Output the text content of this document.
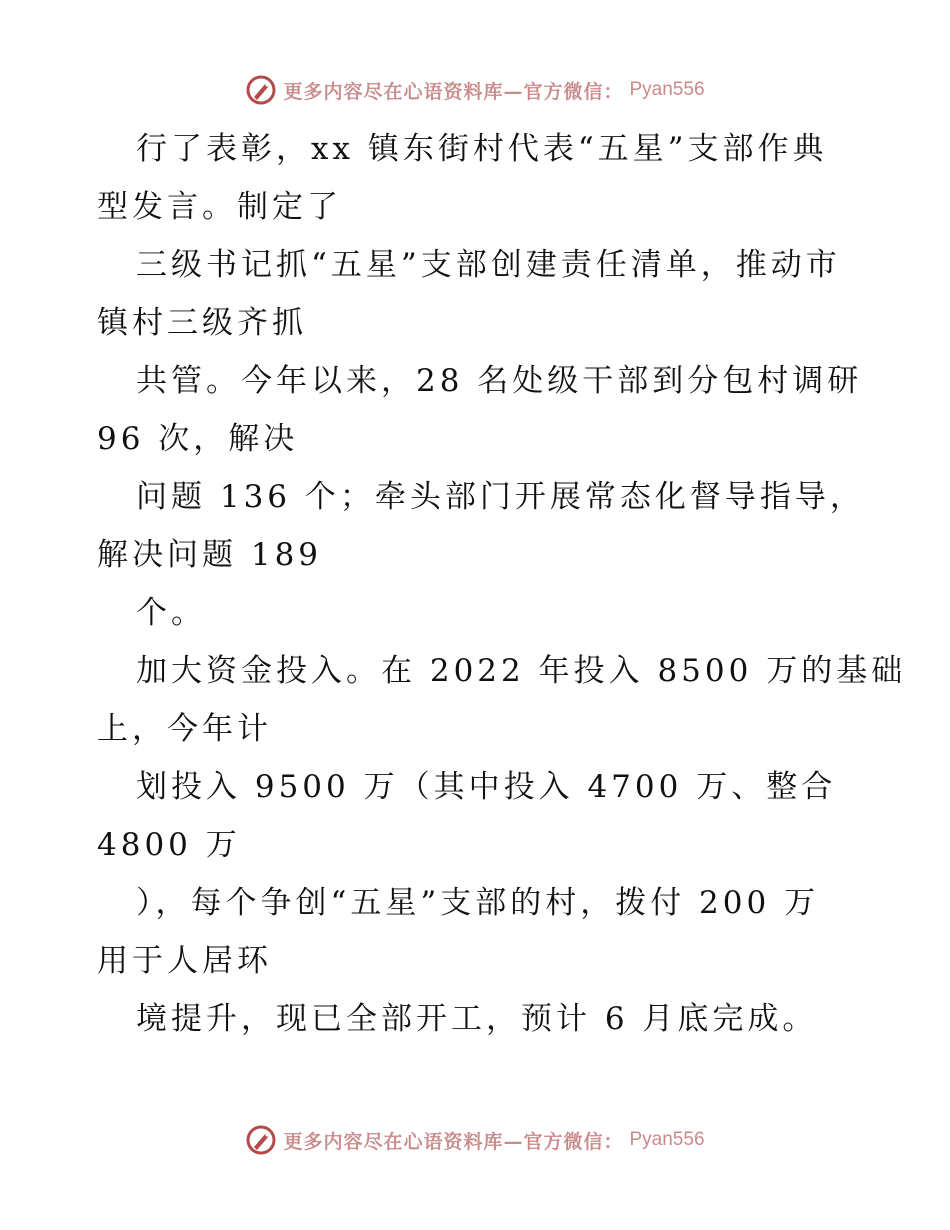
更多内容尽在心语资料库—官方微信： Pyan556
行了表彰，xx 镇东街村代表“五星”支部作典
型发言。制定了
三级书记抓“五星”支部创建责任清单，推动市
镇村三级齐抓
共管。今年以来，28 名处级干部到分包村调研
96 次，解决
问题 136 个；牵头部门开展常态化督导指导，
解决问题 189
个。
加大资金投入。在 2022 年投入 8500 万的基础
上，今年计
划投入 9500 万（其中投入 4700 万、整合
4800 万
），每个争创“五星”支部的村，拨付 200 万
用于人居环
境提升，现已全部开工，预计 6 月底完成。
更多内容尽在心语资料库—官方微信： Pyan556
